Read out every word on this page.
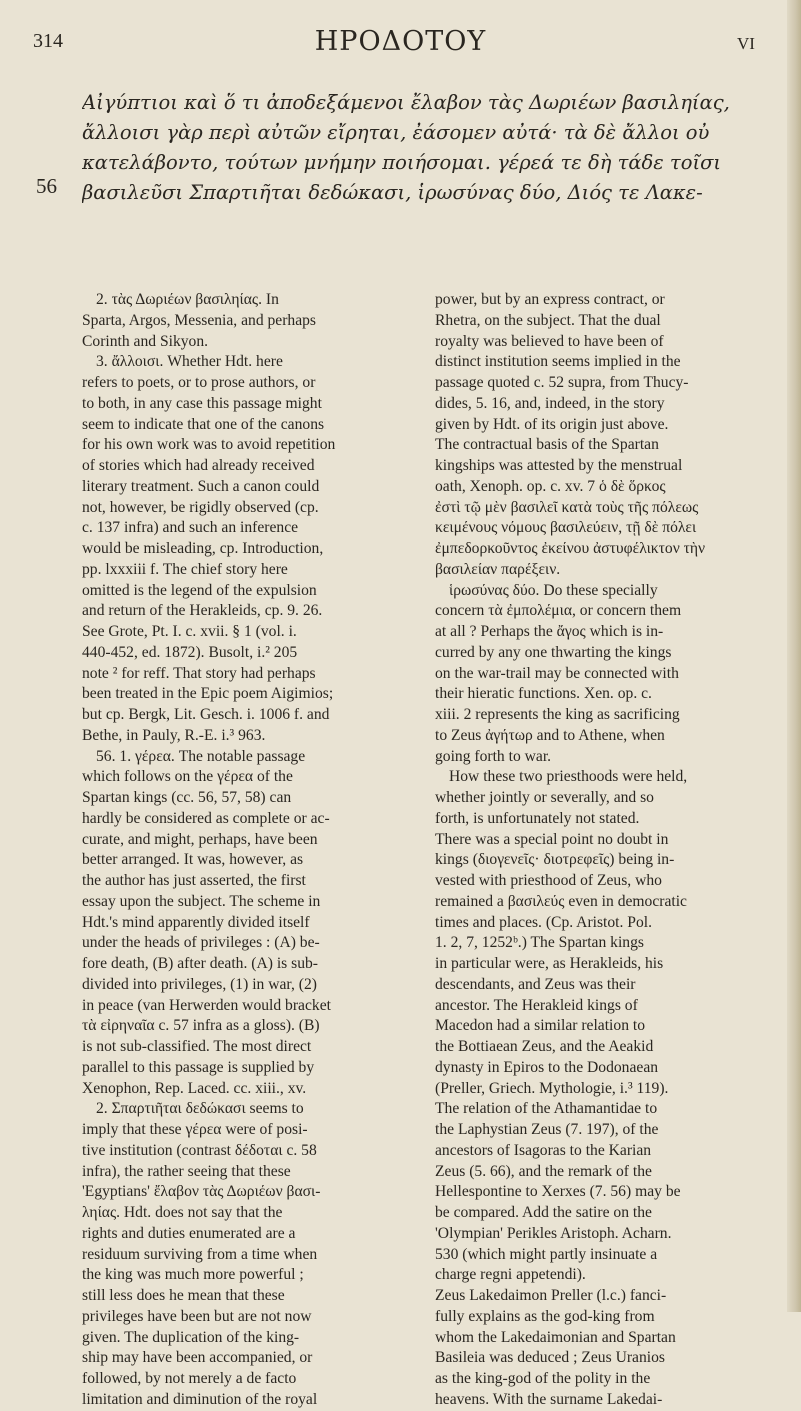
314	ΗΡΟΔΟΤΟΥ	VI
56
Αἰγύπτιοι καὶ ὅ τι ἀποδεξάμενοι ἔλαβον τὰς Δωριέων βασιληίας,
ἄλλοισι γὰρ περὶ αὐτῶν εἴρηται, ἐάσομεν αὐτά· τὰ δὲ ἄλλοι οὐ
κατελάβοντο, τούτων μνήμην ποιήσομαι. γέρεά τε δὴ τάδε τοῖσι
βασιλεῦσι Σπαρτιῆται δεδώκασι, ἱρωσύνας δύο, Διός τε Λακε-
2. τὰς Δωριέων βασιληίας. In
Sparta, Argos, Messenia, and perhaps
Corinth and Sikyon.
3. ἄλλοισι. Whether Hdt. here
refers to poets, or to prose authors, or
to both, in any case this passage might
seem to indicate that one of the canons
for his own work was to avoid repetition
of stories which had already received
literary treatment. Such a canon could
not, however, be rigidly observed (cp.
c. 137 infra) and such an inference
would be misleading, cp. Introduction,
pp. lxxxiii f. The chief story here
omitted is the legend of the expulsion
and return of the Herakleids, cp. 9. 26.
See Grote, Pt. I. c. xvii. § 1 (vol. i.
440-452, ed. 1872). Busolt, i.² 205
note ² for reff. That story had perhaps
been treated in the Epic poem Aigimios;
but cp. Bergk, Lit. Gesch. i. 1006 f. and
Bethe, in Pauly, R.-E. i.³ 963.
56. 1. γέρεα. The notable passage
which follows on the γέρεα of the
Spartan kings (cc. 56, 57, 58) can
hardly be considered as complete or ac-
curate, and might, perhaps, have been
better arranged. It was, however, as
the author has just asserted, the first
essay upon the subject. The scheme in
Hdt.'s mind apparently divided itself
under the heads of privileges : (A) be-
fore death, (B) after death. (A) is sub-
divided into privileges, (1) in war, (2)
in peace (van Herwerden would bracket
τὰ εἰρηναῖα c. 57 infra as a gloss). (B)
is not sub-classified. The most direct
parallel to this passage is supplied by
Xenophon, Rep. Laced. cc. xiii., xv.
2. Σπαρτιῆται δεδώκασι seems to
imply that these γέρεα were of posi-
tive institution (contrast δέδοται c. 58
infra), the rather seeing that these
'Egyptians' ἔλαβον τὰς Δωριέων βασι-
ληίας. Hdt. does not say that the
rights and duties enumerated are a
residuum surviving from a time when
the king was much more powerful ;
still less does he mean that these
privileges have been but are not now
given. The duplication of the king-
ship may have been accompanied, or
followed, by not merely a de facto
limitation and diminution of the royal
power, but by an express contract, or
Rhetra, on the subject. That the dual
royalty was believed to have been of
distinct institution seems implied in the
passage quoted c. 52 supra, from Thucy-
dides, 5. 16, and, indeed, in the story
given by Hdt. of its origin just above.
The contractual basis of the Spartan
kingships was attested by the menstrual
oath, Xenoph. op. c. xv. 7 ὁ δὲ ὅρκος
ἐστὶ τῷ μὲν βασιλεῖ κατὰ τοὺς τῆς πόλεως
κειμένους νόμους βασιλεύειν, τῇ δὲ πόλει
ἐμπεδορκοῦντος ἐκείνου ἀστυφέλικτον τὴν
βασιλείαν παρέξειν.
ἱρωσύνας δύο. Do these specially
concern τὰ ἐμπολέμια, or concern them
at all ? Perhaps the ἄγος which is in-
curred by any one thwarting the kings
on the war-trail may be connected with
their hieratic functions. Xen. op. c.
xiii. 2 represents the king as sacrificing
to Zeus ἀγήτωρ and to Athene, when
going forth to war.
How these two priesthoods were held,
whether jointly or severally, and so
forth, is unfortunately not stated.
There was a special point no doubt in
kings (διογενεῖς· διοτρεφεῖς) being in-
vested with priesthood of Zeus, who
remained a βασιλεύς even in democratic
times and places. (Cp. Aristot. Pol.
1. 2, 7, 1252ᵇ.) The Spartan kings
in particular were, as Herakleids, his
descendants, and Zeus was their
ancestor. The Herakleid kings of
Macedon had a similar relation to
the Bottiaean Zeus, and the Aeakid
dynasty in Epiros to the Dodonaean
(Preller, Griech. Mythologie, i.³ 119).
The relation of the Athamantidae to
the Laphystian Zeus (7. 197), of the
ancestors of Isagoras to the Karian
Zeus (5. 66), and the remark of the
Hellespontine to Xerxes (7. 56) may be
be compared. Add the satire on the
'Olympian' Perikles Aristoph. Acharn.
530 (which might partly insinuate a
charge regni appetendi).
Zeus Lakedaimon Preller (l.c.) fanci-
fully explains as the god-king from
whom the Lakedaimonian and Spartan
Basileia was deduced ; Zeus Uranios
as the king-god of the polity in the
heavens. With the surname Lakedai-
